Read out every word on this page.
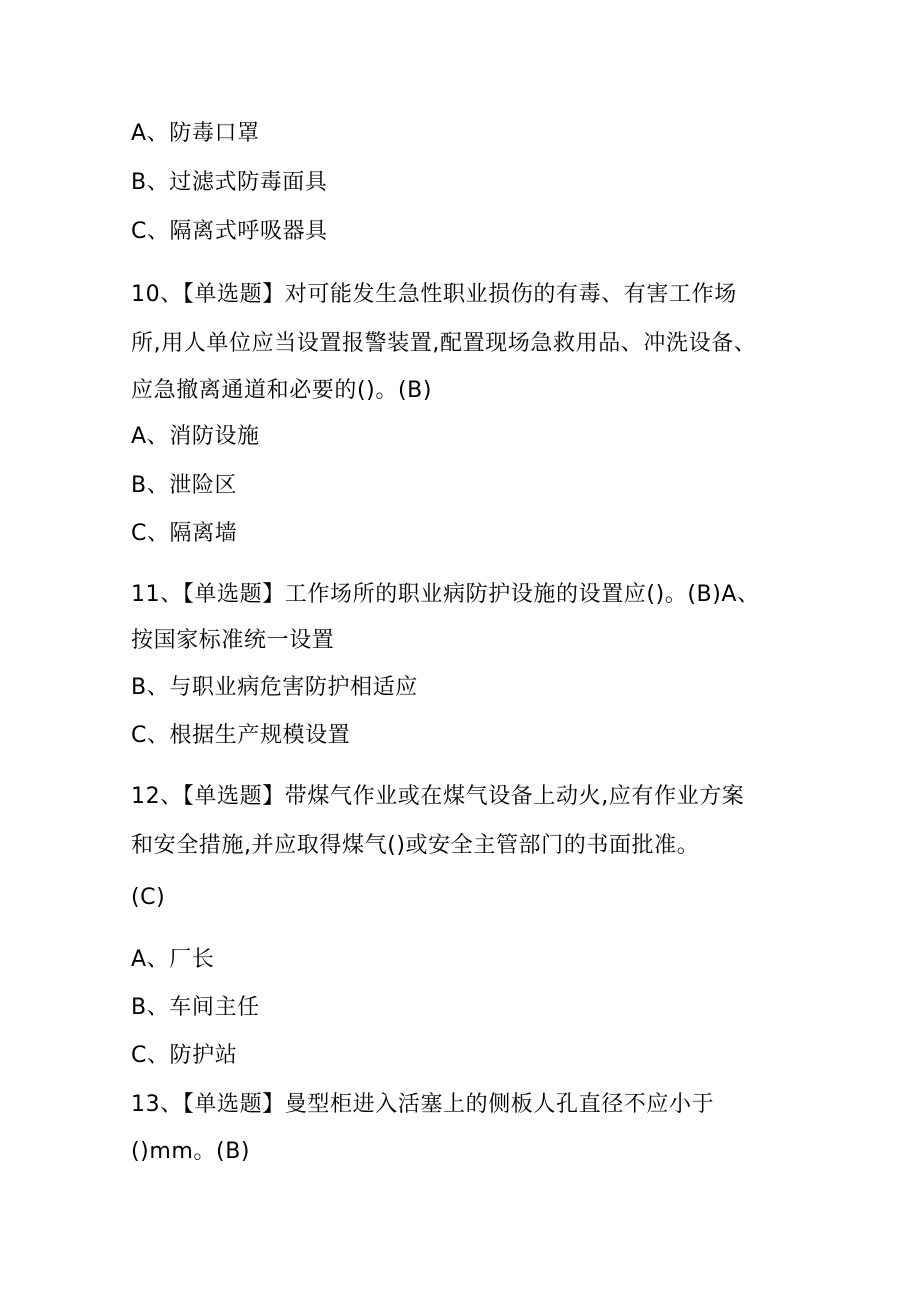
A、防毒口罩
B、过滤式防毒面具
C、隔离式呼吸器具
10、【单选题】对可能发生急性职业损伤的有毒、有害工作场
所,用人单位应当设置报警装置,配置现场急救用品、冲洗设备、
应急撤离通道和必要的()。(B)
A、消防设施
B、泄险区
C、隔离墙
11、【单选题】工作场所的职业病防护设施的设置应()。(B)A、
按国家标准统一设置
B、与职业病危害防护相适应
C、根据生产规模设置
12、【单选题】带煤气作业或在煤气设备上动火,应有作业方案
和安全措施,并应取得煤气()或安全主管部门的书面批准。
(C)
A、厂长
B、车间主任
C、防护站
13、【单选题】曼型柜进入活塞上的侧板人孔直径不应小于
()mm。(B)
